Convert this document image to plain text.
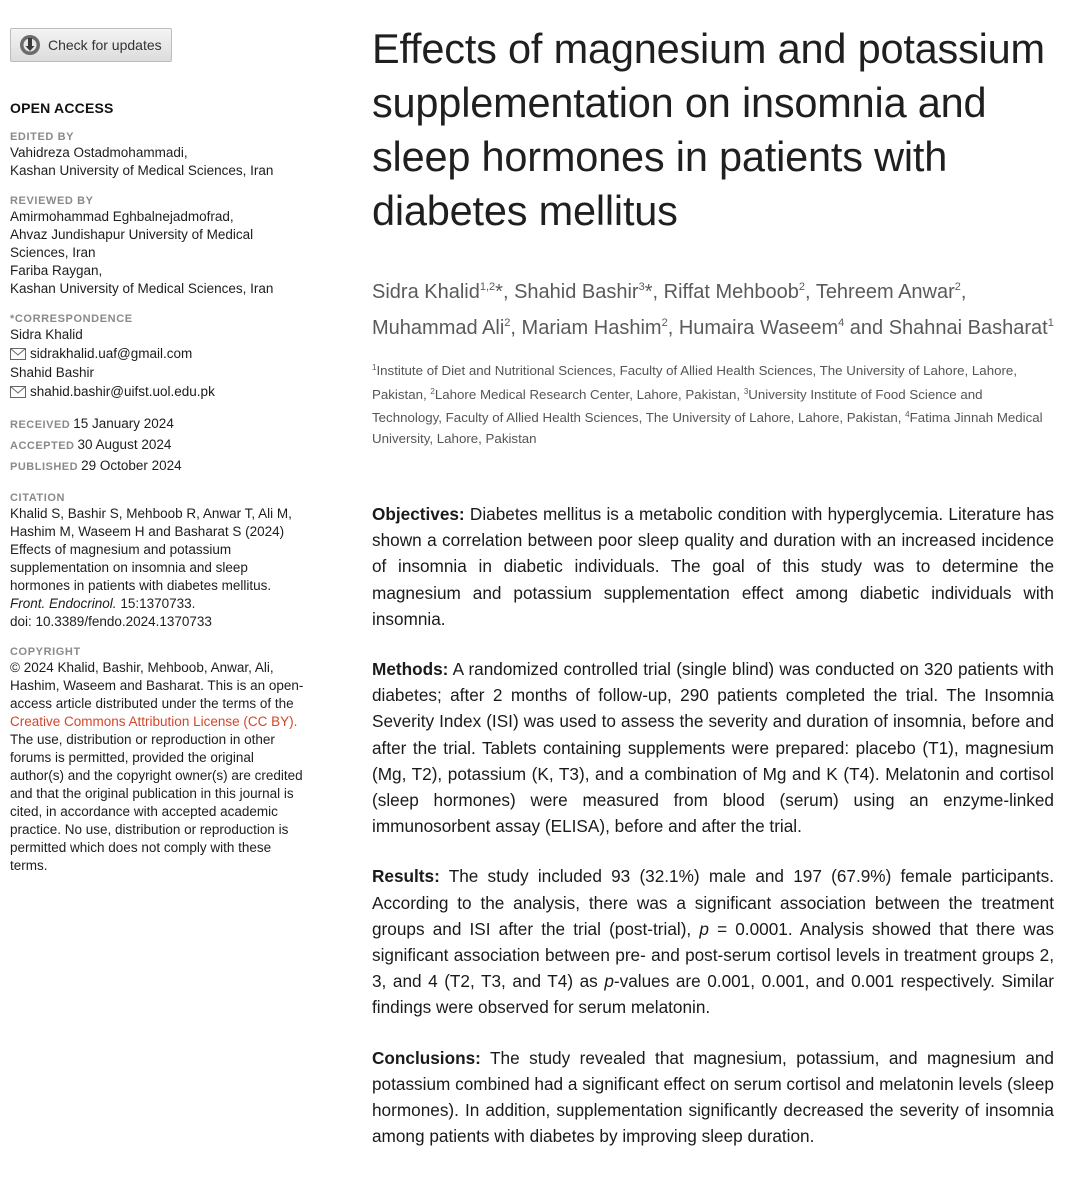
Check for updates
OPEN ACCESS
EDITED BY
Vahidreza Ostadmohammadi,
Kashan University of Medical Sciences, Iran
REVIEWED BY
Amirmohammad Eghbalnejadmofrad,
Ahvaz Jundishapur University of Medical
Sciences, Iran
Fariba Raygan,
Kashan University of Medical Sciences, Iran
*CORRESPONDENCE
Sidra Khalid
sidrakhalid.uaf@gmail.com
Shahid Bashir
shahid.bashir@uifst.uol.edu.pk
RECEIVED 15 January 2024
ACCEPTED 30 August 2024
PUBLISHED 29 October 2024
CITATION
Khalid S, Bashir S, Mehboob R, Anwar T, Ali M,
Hashim M, Waseem H and Basharat S (2024)
Effects of magnesium and potassium
supplementation on insomnia and sleep
hormones in patients with diabetes mellitus.
Front. Endocrinol. 15:1370733.
doi: 10.3389/fendo.2024.1370733
COPYRIGHT
© 2024 Khalid, Bashir, Mehboob, Anwar, Ali, Hashim, Waseem and Basharat. This is an open-access article distributed under the terms of the Creative Commons Attribution License (CC BY). The use, distribution or reproduction in other forums is permitted, provided the original author(s) and the copyright owner(s) are credited and that the original publication in this journal is cited, in accordance with accepted academic practice. No use, distribution or reproduction is permitted which does not comply with these terms.
Effects of magnesium and potassium supplementation on insomnia and sleep hormones in patients with diabetes mellitus
Sidra Khalid$^{1,2}$*, Shahid Bashir$^3$*, Riffat Mehboob$^2$, Tehreem Anwar$^2$, Muhammad Ali$^2$, Mariam Hashim$^2$, Humaira Waseem$^4$ and Shahnai Basharat$^1$
$^1$Institute of Diet and Nutritional Sciences, Faculty of Allied Health Sciences, The University of Lahore, Lahore, Pakistan, $^2$Lahore Medical Research Center, Lahore, Pakistan, $^3$University Institute of Food Science and Technology, Faculty of Allied Health Sciences, The University of Lahore, Lahore, Pakistan, $^4$Fatima Jinnah Medical University, Lahore, Pakistan

Objectives: Diabetes mellitus is a metabolic condition with hyperglycemia. Literature has shown a correlation between poor sleep quality and duration with an increased incidence of insomnia in diabetic individuals. The goal of this study was to determine the magnesium and potassium supplementation effect among diabetic individuals with insomnia.

Methods: A randomized controlled trial (single blind) was conducted on 320 patients with diabetes; after 2 months of follow-up, 290 patients completed the trial. The Insomnia Severity Index (ISI) was used to assess the severity and duration of insomnia, before and after the trial. Tablets containing supplements were prepared: placebo (T1), magnesium (Mg, T2), potassium (K, T3), and a combination of Mg and K (T4). Melatonin and cortisol (sleep hormones) were measured from blood (serum) using an enzyme-linked immunosorbent assay (ELISA), before and after the trial.

Results: The study included 93 (32.1%) male and 197 (67.9%) female participants. According to the analysis, there was a significant association between the treatment groups and ISI after the trial (post-trial), p = 0.0001. Analysis showed that there was significant association between pre- and post-serum cortisol levels in treatment groups 2, 3, and 4 (T2, T3, and T4) as p-values are 0.001, 0.001, and 0.001 respectively. Similar findings were observed for serum melatonin.

Conclusions: The study revealed that magnesium, potassium, and magnesium and potassium combined had a significant effect on serum cortisol and melatonin levels (sleep hormones). In addition, supplementation significantly decreased the severity of insomnia among patients with diabetes by improving sleep duration.
